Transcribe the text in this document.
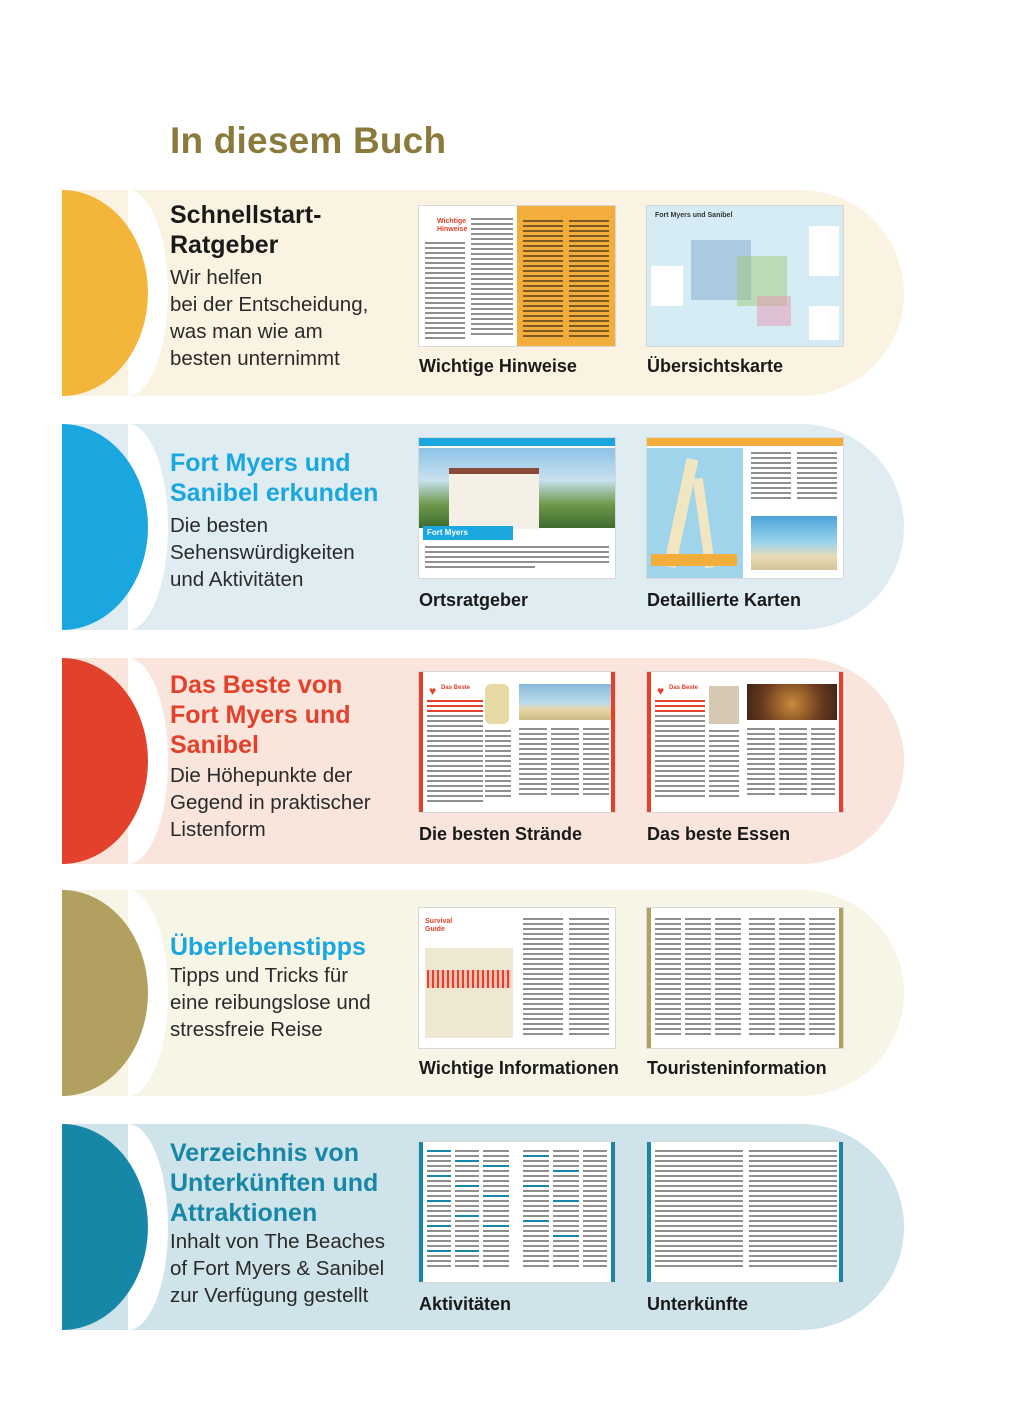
In diesem Buch

Schnellstart-Ratgeber

Wir helfen
bei der Entscheidung,
was man wie am
besten unternimmt

Wichtige Hinweise
Fort Myers und Sanibel
Wichtige Hinweise	Übersichtskarte

Fort Myers und Sanibel erkunden

Die besten
Sehenswürdigkeiten
und Aktivitäten

Fort Myers
Ortsratgeber	Detaillierte Karten

Das Beste von Fort Myers und Sanibel

Die Höhepunkte der
Gegend in praktischer
Listenform

♥ Das Beste	♥ Das Beste
Die besten Strände	Das beste Essen

Überlebenstipps

Tipps und Tricks für
eine reibungslose und
stressfreie Reise

Survival Guide
Wichtige Informationen Touristeninformation

Verzeichnis von Unterkünften und Attraktionen

Inhalt von The Beaches
of Fort Myers & Sanibel
zur Verfügung gestellt	Aktivitäten	Unterkünfte
